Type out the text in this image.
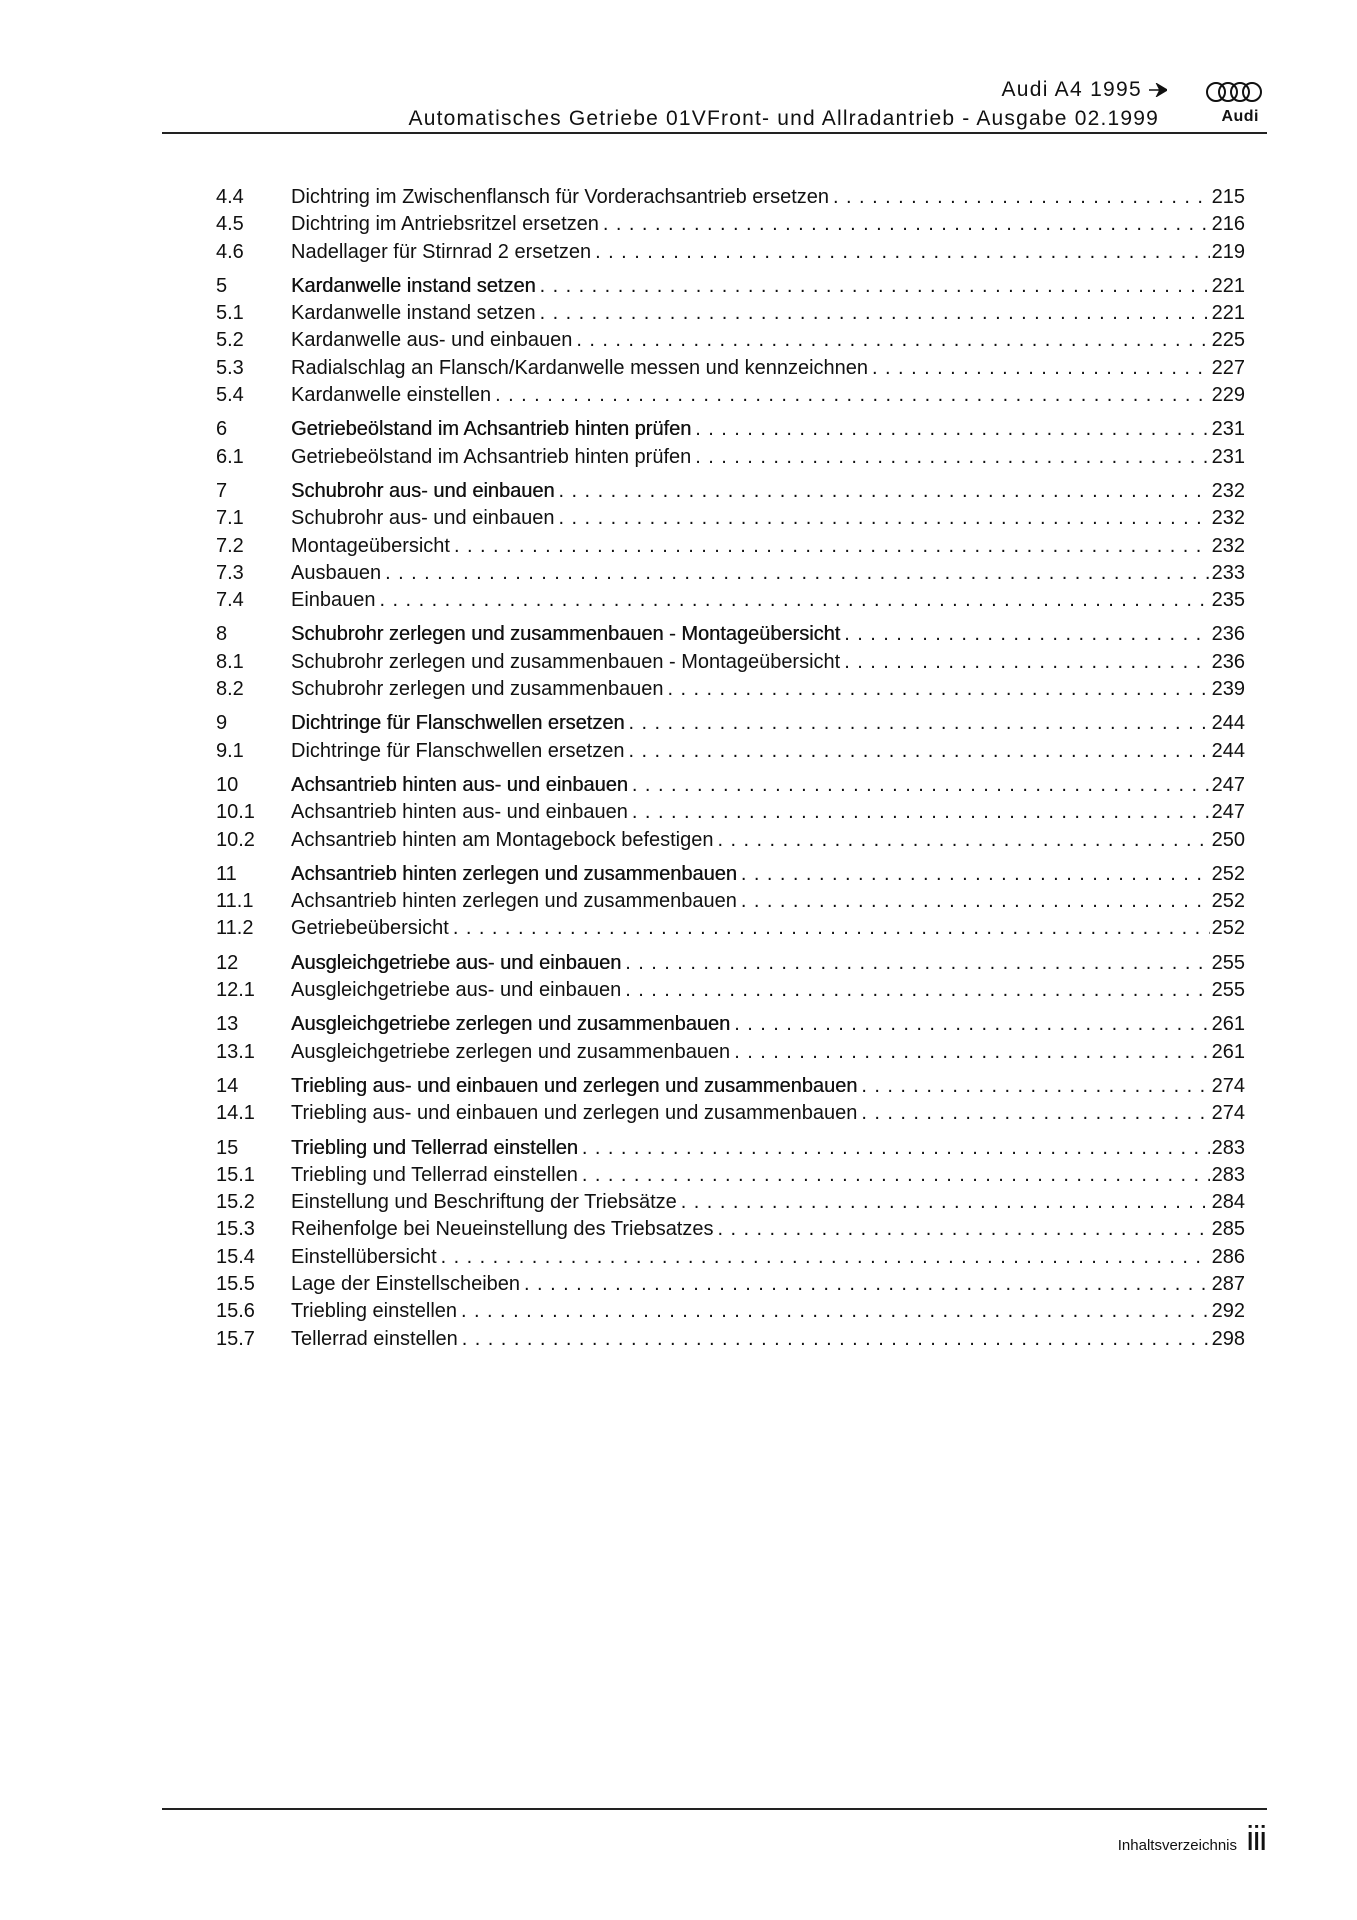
Audi A4 1995
Automatisches Getriebe 01VFront- und Allradantrieb - Ausgabe 02.1999	Audi
4.4	Dichtring im Zwischenflansch für Vorderachsantrieb ersetzen . . .	215
4.5	Dichtring im Antriebsritzel ersetzen . . .	216
4.6	Nadellager für Stirnrad 2 ersetzen . . .	219
5	Kardanwelle instand setzen . . .	221
5.1	Kardanwelle instand setzen . . .	221
5.2	Kardanwelle aus- und einbauen . . .	225
5.3	Radialschlag an Flansch/Kardanwelle messen und kennzeichnen . . .	227
5.4	Kardanwelle einstellen . . .	229
6	Getriebeölstand im Achsantrieb hinten prüfen . . .	231
6.1	Getriebeölstand im Achsantrieb hinten prüfen . . .	231
7	Schubrohr aus- und einbauen . . .	232
7.1	Schubrohr aus- und einbauen . . .	232
7.2	Montageübersicht . . .	232
7.3	Ausbauen . . .	233
7.4	Einbauen . . .	235
8	Schubrohr zerlegen und zusammenbauen - Montageübersicht . . .	236
8.1	Schubrohr zerlegen und zusammenbauen - Montageübersicht . . .	236
8.2	Schubrohr zerlegen und zusammenbauen . . .	239
9	Dichtringe für Flanschwellen ersetzen . . .	244
9.1	Dichtringe für Flanschwellen ersetzen . . .	244
10	Achsantrieb hinten aus- und einbauen . . .	247
10.1	Achsantrieb hinten aus- und einbauen . . .	247
10.2	Achsantrieb hinten am Montagebock befestigen . . .	250
11	Achsantrieb hinten zerlegen und zusammenbauen . . .	252
11.1	Achsantrieb hinten zerlegen und zusammenbauen . . .	252
11.2	Getriebeübersicht . . .	252
12	Ausgleichgetriebe aus- und einbauen . . .	255
12.1	Ausgleichgetriebe aus- und einbauen . . .	255
13	Ausgleichgetriebe zerlegen und zusammenbauen . . .	261
13.1	Ausgleichgetriebe zerlegen und zusammenbauen . . .	261
14	Triebling aus- und einbauen und zerlegen und zusammenbauen . . .	274
14.1	Triebling aus- und einbauen und zerlegen und zusammenbauen . . .	274
15	Triebling und Tellerrad einstellen . . .	283
15.1	Triebling und Tellerrad einstellen . . .	283
15.2	Einstellung und Beschriftung der Triebsätze . . .	284
15.3	Reihenfolge bei Neueinstellung des Triebsatzes . . .	285
15.4	Einstellübersicht . . .	286
15.5	Lage der Einstellscheiben . . .	287
15.6	Triebling einstellen . . .	292
15.7	Tellerrad einstellen . . .	298
Inhaltsverzeichnis iii
